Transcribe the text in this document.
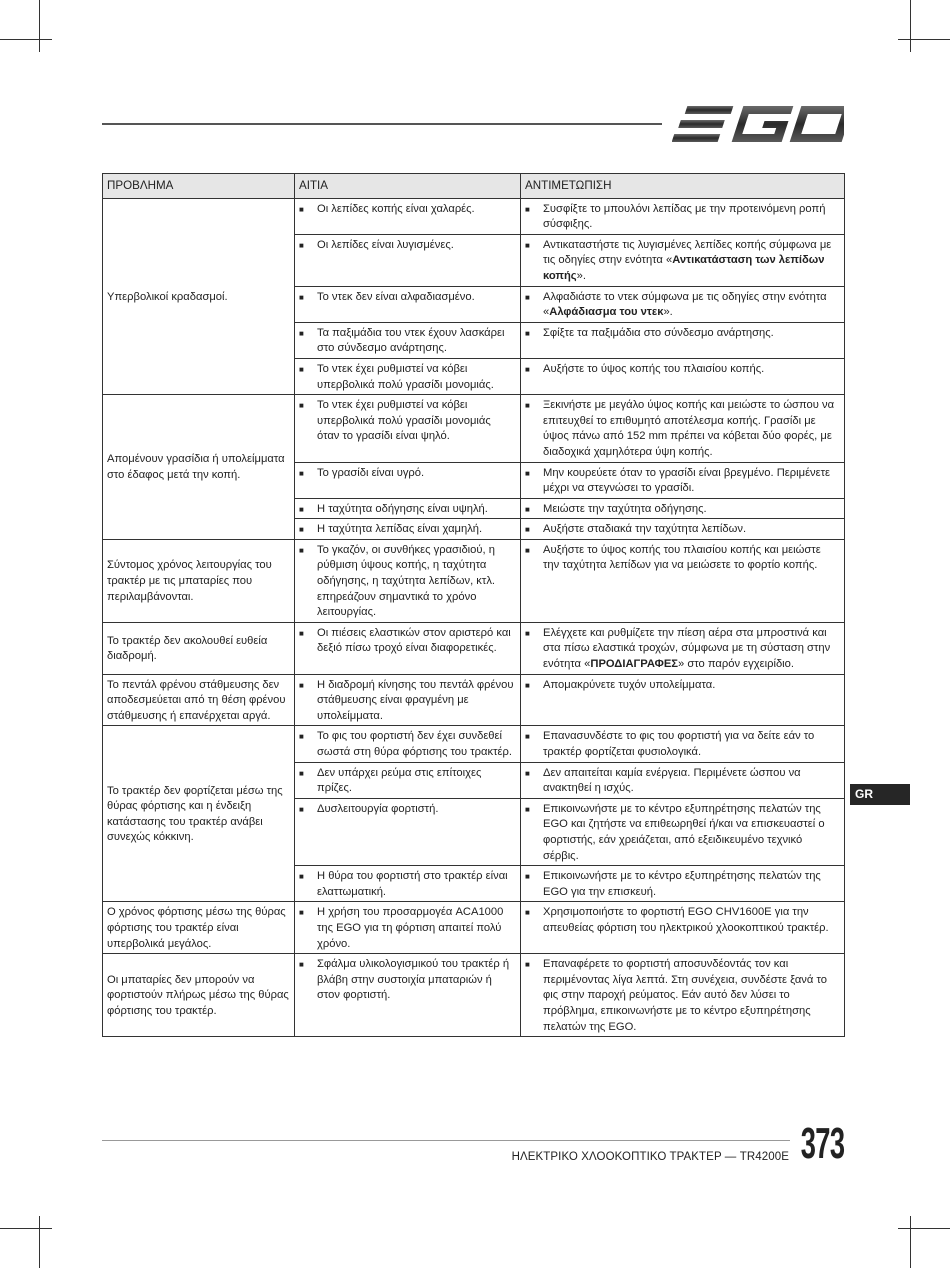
ΠΡΟΒΛΗΜΑ	ΑΙΤΙΑ	ΑΝΤΙΜΕΤΩΠΙΣΗ
Υπερβολικοί κραδασμοί.	■ Οι λεπίδες κοπής είναι χαλαρές.	■ Συσφίξτε το μπουλόνι λεπίδας με την προτεινόμενη ροπή σύσφιξης.

	■ Οι λεπίδες είναι λυγισμένες.	■ Αντικαταστήστε τις λυγισμένες λεπίδες κοπής σύμφωνα με τις οδηγίες στην ενότητα «Αντικατάσταση των λεπίδων κοπής».

	■ Το ντεκ δεν είναι αλφαδιασμένο.	■ Αλφαδιάστε το ντεκ σύμφωνα με τις οδηγίες στην ενότητα «Αλφάδιασμα του ντεκ».

	■ Τα παξιμάδια του ντεκ έχουν λασκάρει στο σύνδεσμο ανάρτησης.	■ Σφίξτε τα παξιμάδια στο σύνδεσμο ανάρτησης.

	■ Το ντεκ έχει ρυθμιστεί να κόβει υπερβολικά πολύ γρασίδι μονομιάς.	■ Αυξήστε το ύψος κοπής του πλαισίου κοπής.

Απομένουν γρασίδια ή υπολείμματα στο έδαφος μετά την κοπή.	■ Το ντεκ έχει ρυθμιστεί να κόβει υπερβολικά πολύ γρασίδι μονομιάς όταν το γρασίδι είναι ψηλό.	■ Ξεκινήστε με μεγάλο ύψος κοπής και μειώστε το ώσπου να επιτευχθεί το επιθυμητό αποτέλεσμα κοπής. Γρασίδι με ύψος πάνω από 152 mm πρέπει να κόβεται δύο φορές, με διαδοχικά χαμηλότερα ύψη κοπής.

	■ Το γρασίδι είναι υγρό.	■ Μην κουρεύετε όταν το γρασίδι είναι βρεγμένο. Περιμένετε μέχρι να στεγνώσει το γρασίδι.

	■ Η ταχύτητα οδήγησης είναι υψηλή.	■ Μειώστε την ταχύτητα οδήγησης.

	■ Η ταχύτητα λεπίδας είναι χαμηλή.	■ Αυξήστε σταδιακά την ταχύτητα λεπίδων.

Σύντομος χρόνος λειτουργίας του τρακτέρ με τις μπαταρίες που περιλαμβάνονται.	■ Το γκαζόν, οι συνθήκες γρασιδιού, η ρύθμιση ύψους κοπής, η ταχύτητα οδήγησης, η ταχύτητα λεπίδων, κτλ. επηρεάζουν σημαντικά το χρόνο λειτουργίας.	■ Αυξήστε το ύψος κοπής του πλαισίου κοπής και μειώστε την ταχύτητα λεπίδων για να μειώσετε το φορτίο κοπής.

Το τρακτέρ δεν ακολουθεί ευθεία διαδρομή.	■ Οι πιέσεις ελαστικών στον αριστερό και δεξιό πίσω τροχό είναι διαφορετικές.	■ Ελέγχετε και ρυθμίζετε την πίεση αέρα στα μπροστινά και στα πίσω ελαστικά τροχών, σύμφωνα με τη σύσταση στην ενότητα «ΠΡΟΔΙΑΓΡΑΦΕΣ» στο παρόν εγχειρίδιο.

Το πεντάλ φρένου στάθμευσης δεν αποδεσμεύεται από τη θέση φρένου στάθμευσης ή επανέρχεται αργά.	■ Η διαδρομή κίνησης του πεντάλ φρένου στάθμευσης είναι φραγμένη με υπολείμματα.	■ Απομακρύνετε τυχόν υπολείμματα.

Το τρακτέρ δεν φορτίζεται μέσω της θύρας φόρτισης και η ένδειξη κατάστασης του τρακτέρ ανάβει συνεχώς κόκκινη.	■ Το φις του φορτιστή δεν έχει συνδεθεί σωστά στη θύρα φόρτισης του τρακτέρ.	■ Επανασυνδέστε το φις του φορτιστή για να δείτε εάν το τρακτέρ φορτίζεται φυσιολογικά.

	■ Δεν υπάρχει ρεύμα στις επίτοιχες πρίζες.	■ Δεν απαιτείται καμία ενέργεια. Περιμένετε ώσπου να ανακτηθεί η ισχύς.

	■ Δυσλειτουργία φορτιστή.	■ Επικοινωνήστε με το κέντρο εξυπηρέτησης πελατών της EGO και ζητήστε να επιθεωρηθεί ή/και να επισκευαστεί ο φορτιστής, εάν χρειάζεται, από εξειδικευμένο τεχνικό σέρβις.

	■ Η θύρα του φορτιστή στο τρακτέρ είναι ελαττωματική.	■ Επικοινωνήστε με το κέντρο εξυπηρέτησης πελατών της EGO για την επισκευή.

Ο χρόνος φόρτισης μέσω της θύρας φόρτισης του τρακτέρ είναι υπερβολικά μεγάλος.	■ Η χρήση του προσαρμογέα ACA1000 της EGO για τη φόρτιση απαιτεί πολύ χρόνο.	■ Χρησιμοποιήστε το φορτιστή EGO CHV1600E για την απευθείας φόρτιση του ηλεκτρικού χλοοκοπτικού τρακτέρ.

Οι μπαταρίες δεν μπορούν να φορτιστούν πλήρως μέσω της θύρας φόρτισης του τρακτέρ.	■ Σφάλμα υλικολογισμικού του τρακτέρ ή βλάβη στην συστοιχία μπαταριών ή στον φορτιστή.	■ Επαναφέρετε το φορτιστή αποσυνδέοντάς τον και περιμένοντας λίγα λεπτά. Στη συνέχεια, συνδέστε ξανά το φις στην παροχή ρεύματος. Εάν αυτό δεν λύσει το πρόβλημα, επικοινωνήστε με το κέντρο εξυπηρέτησης πελατών της EGO.
GR
ΗΛΕΚΤΡΙΚΟ ΧΛΟΟΚΟΠΤΙΚΟ ΤΡΑΚΤΕΡ — TR4200E 373
